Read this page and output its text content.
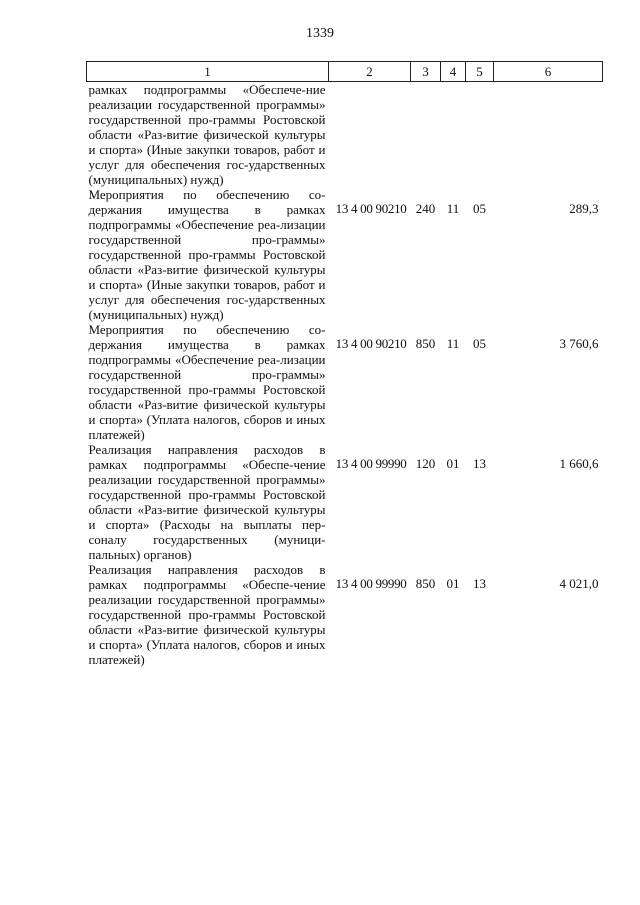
1339
1	2	3	4	5	6
рамках подпрограммы «Обеспече-ние реализации государственной программы» государственной про-граммы Ростовской области «Раз-витие физической культуры и спорта» (Иные закупки товаров, работ и услуг для обеспечения гос-ударственных (муниципальных) нужд)					
Мероприятия по обеспечению со-держания имущества в рамках подпрограммы «Обеспечение реа-лизации государственной про-граммы» государственной про-граммы Ростовской области «Раз-витие физической культуры и спорта» (Иные закупки товаров, работ и услуг для обеспечения гос-ударственных (муниципальных) нужд)	13 4 00 90210	240	11	05	289,3
Мероприятия по обеспечению со-держания имущества в рамках подпрограммы «Обеспечение реа-лизации государственной про-граммы» государственной про-граммы Ростовской области «Раз-витие физической культуры и спорта» (Уплата налогов, сборов и иных платежей)	13 4 00 90210	850	11	05	3 760,6
Реализация направления расходов в рамках подпрограммы «Обеспе-чение реализации государственной программы» государственной про-граммы Ростовской области «Раз-витие физической культуры и спорта» (Расходы на выплаты пер-соналу государственных (муници-пальных) органов)	13 4 00 99990	120	01	13	1 660,6
Реализация направления расходов в рамках подпрограммы «Обеспе-чение реализации государственной программы» государственной про-граммы Ростовской области «Раз-витие физической культуры и спорта» (Уплата налогов, сборов и иных платежей)	13 4 00 99990	850	01	13	4 021,0
